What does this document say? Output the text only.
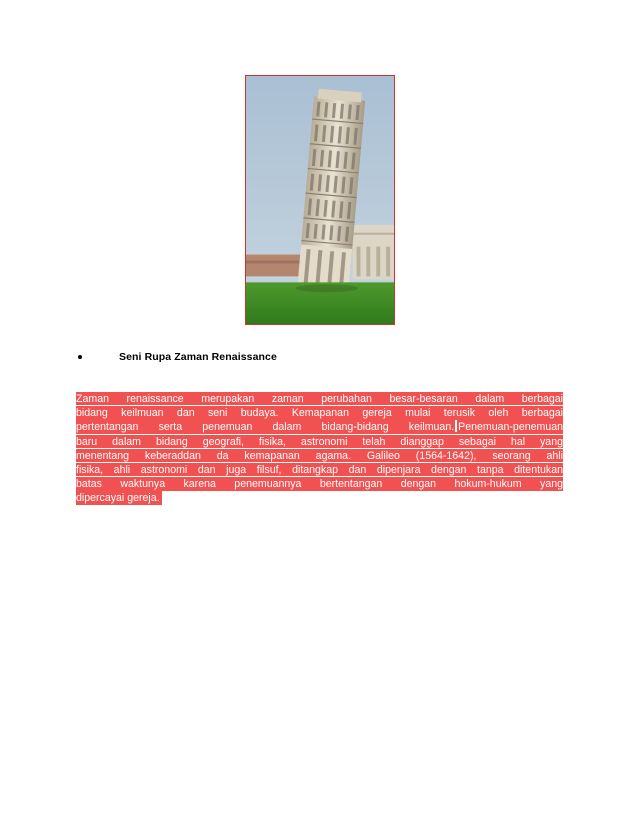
Seni Rupa Zaman Renaissance
Zaman renaissance merupakan zaman perubahan besar-besaran dalam berbagai
bidang keilmuan dan seni budaya. Kemapanan gereja mulai terusik oleh berbagai
pertentangan serta penemuan dalam bidang-bidang keilmuan. Penemuan-penemuan
baru dalam bidang geografi, fisika, astronomi telah dianggap sebagai hal yang
menentang keberaddan da kemapanan agama. Galileo (1564-1642), seorang ahli
fisika, ahli astronomi dan juga filsuf, ditangkap dan dipenjara dengan tanpa ditentukan
batas waktunya karena penemuannya bertentangan dengan hokum-hukum yang
dipercayai gereja.
